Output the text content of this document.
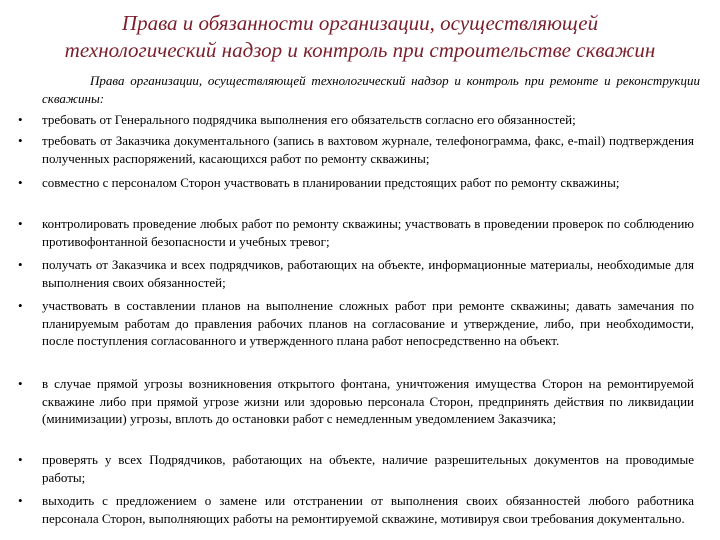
Права и обязанности организации, осуществляющей
технологический надзор и контроль при строительстве скважин
Права организации, осуществляющей технологический надзор и контроль при ремонте и реконструкции скважины:
•	требовать от Генерального подрядчика выполнения его обязательств согласно его обязанностей;
•	требовать от Заказчика документального (запись в вахтовом журнале, телефонограмма, факс, e-mail) подтверждения полученных распоряжений, касающихся работ по ремонту скважины;
•	совместно с персоналом Сторон участвовать в планировании предстоящих работ по ремонту скважины;
•	контролировать проведение любых работ по ремонту скважины; участвовать в проведении проверок по соблюдению противофонтанной безопасности и учебных тревог;
•	получать от Заказчика и всех подрядчиков, работающих на объекте, информационные материалы, необходимые для выполнения своих обязанностей;
•	участвовать в составлении планов на выполнение сложных работ при ремонте скважины; давать замечания по планируемым работам до правления рабочих планов на согласование и утверждение, либо, при необходимости, после поступления согласованного и утвержденного плана работ непосредственно на объект.
•	в случае прямой угрозы возникновения открытого фонтана, уничтожения имущества Сторон на ремонтируемой скважине либо при прямой угрозе жизни или здоровью персонала Сторон, предпринять действия по ликвидации (минимизации) угрозы, вплоть до остановки работ с немедленным уведомлением Заказчика;
•	проверять у всех Подрядчиков, работающих на объекте, наличие разрешительных документов на проводимые работы;
•	выходить с предложением о замене или отстранении от выполнения своих обязанностей любого работника персонала Сторон, выполняющих работы на ремонтируемой скважине, мотивируя свои требования документально.
